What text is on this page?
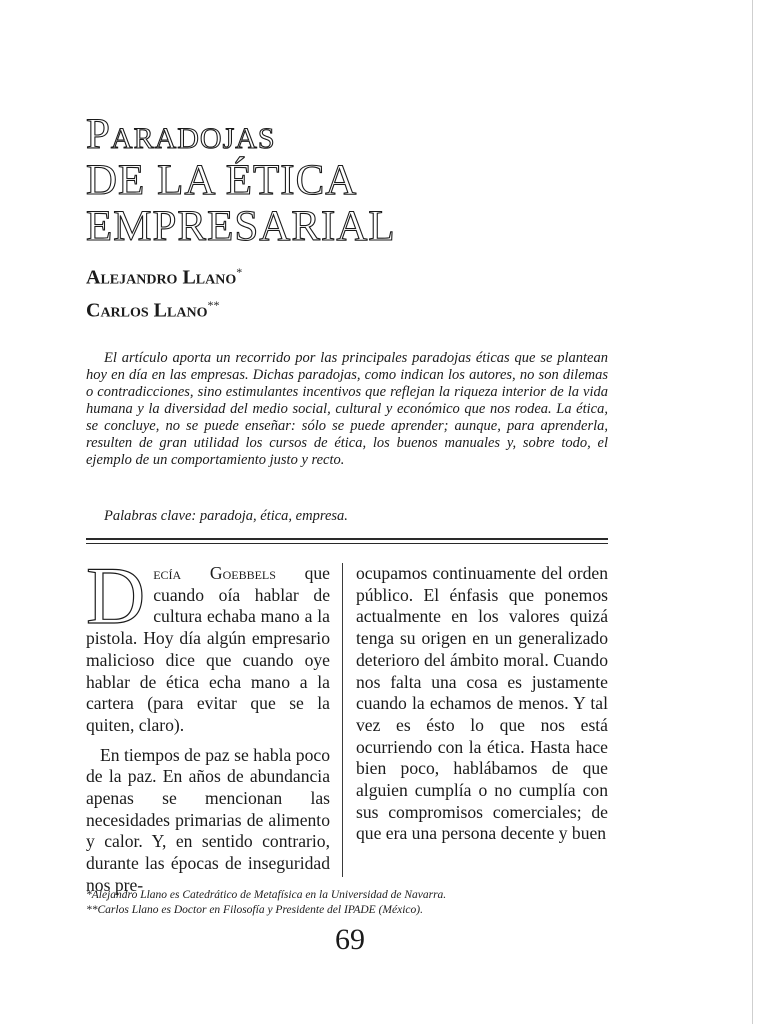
Paradojas
DE LA ÉTICA
EMPRESARIAL
Alejandro Llano*
Carlos Llano**

El artículo aporta un recorrido por las principales paradojas éticas que se plantean hoy en día en las empresas. Dichas paradojas, como indican los autores, no son dilemas o contradicciones, sino estimulantes incentivos que reflejan la riqueza interior de la vida humana y la diversidad del medio social, cultural y económico que nos rodea. La ética, se concluye, no se puede enseñar: sólo se puede aprender; aunque, para aprenderla, resulten de gran utilidad los cursos de ética, los buenos manuales y, sobre todo, el ejemplo de un comportamiento justo y recto.

Palabras clave: paradoja, ética, empresa.

Decía Goebbels que cuando oía hablar de cultura echaba mano a la pistola. Hoy día algún empresario malicioso dice que cuando oye hablar de ética echa mano a la cartera (para evitar que se la quiten, claro).

En tiempos de paz se habla poco de la paz. En años de abundancia apenas se mencionan las necesidades primarias de alimento y calor. Y, en sentido contrario, durante las épocas de inseguridad nos pre-

ocupamos continuamente del orden público. El énfasis que ponemos actualmente en los valores quizá tenga su origen en un generalizado deterioro del ámbito moral. Cuando nos falta una cosa es justamente cuando la echamos de menos. Y tal vez es ésto lo que nos está ocurriendo con la ética. Hasta hace bien poco, hablábamos de que alguien cumplía o no cumplía con sus compromisos comerciales; de que era una persona decente y buen

*Alejandro Llano es Catedrático de Metafísica en la Universidad de Navarra.
**Carlos Llano es Doctor en Filosofía y Presidente del IPADE (México).
69
